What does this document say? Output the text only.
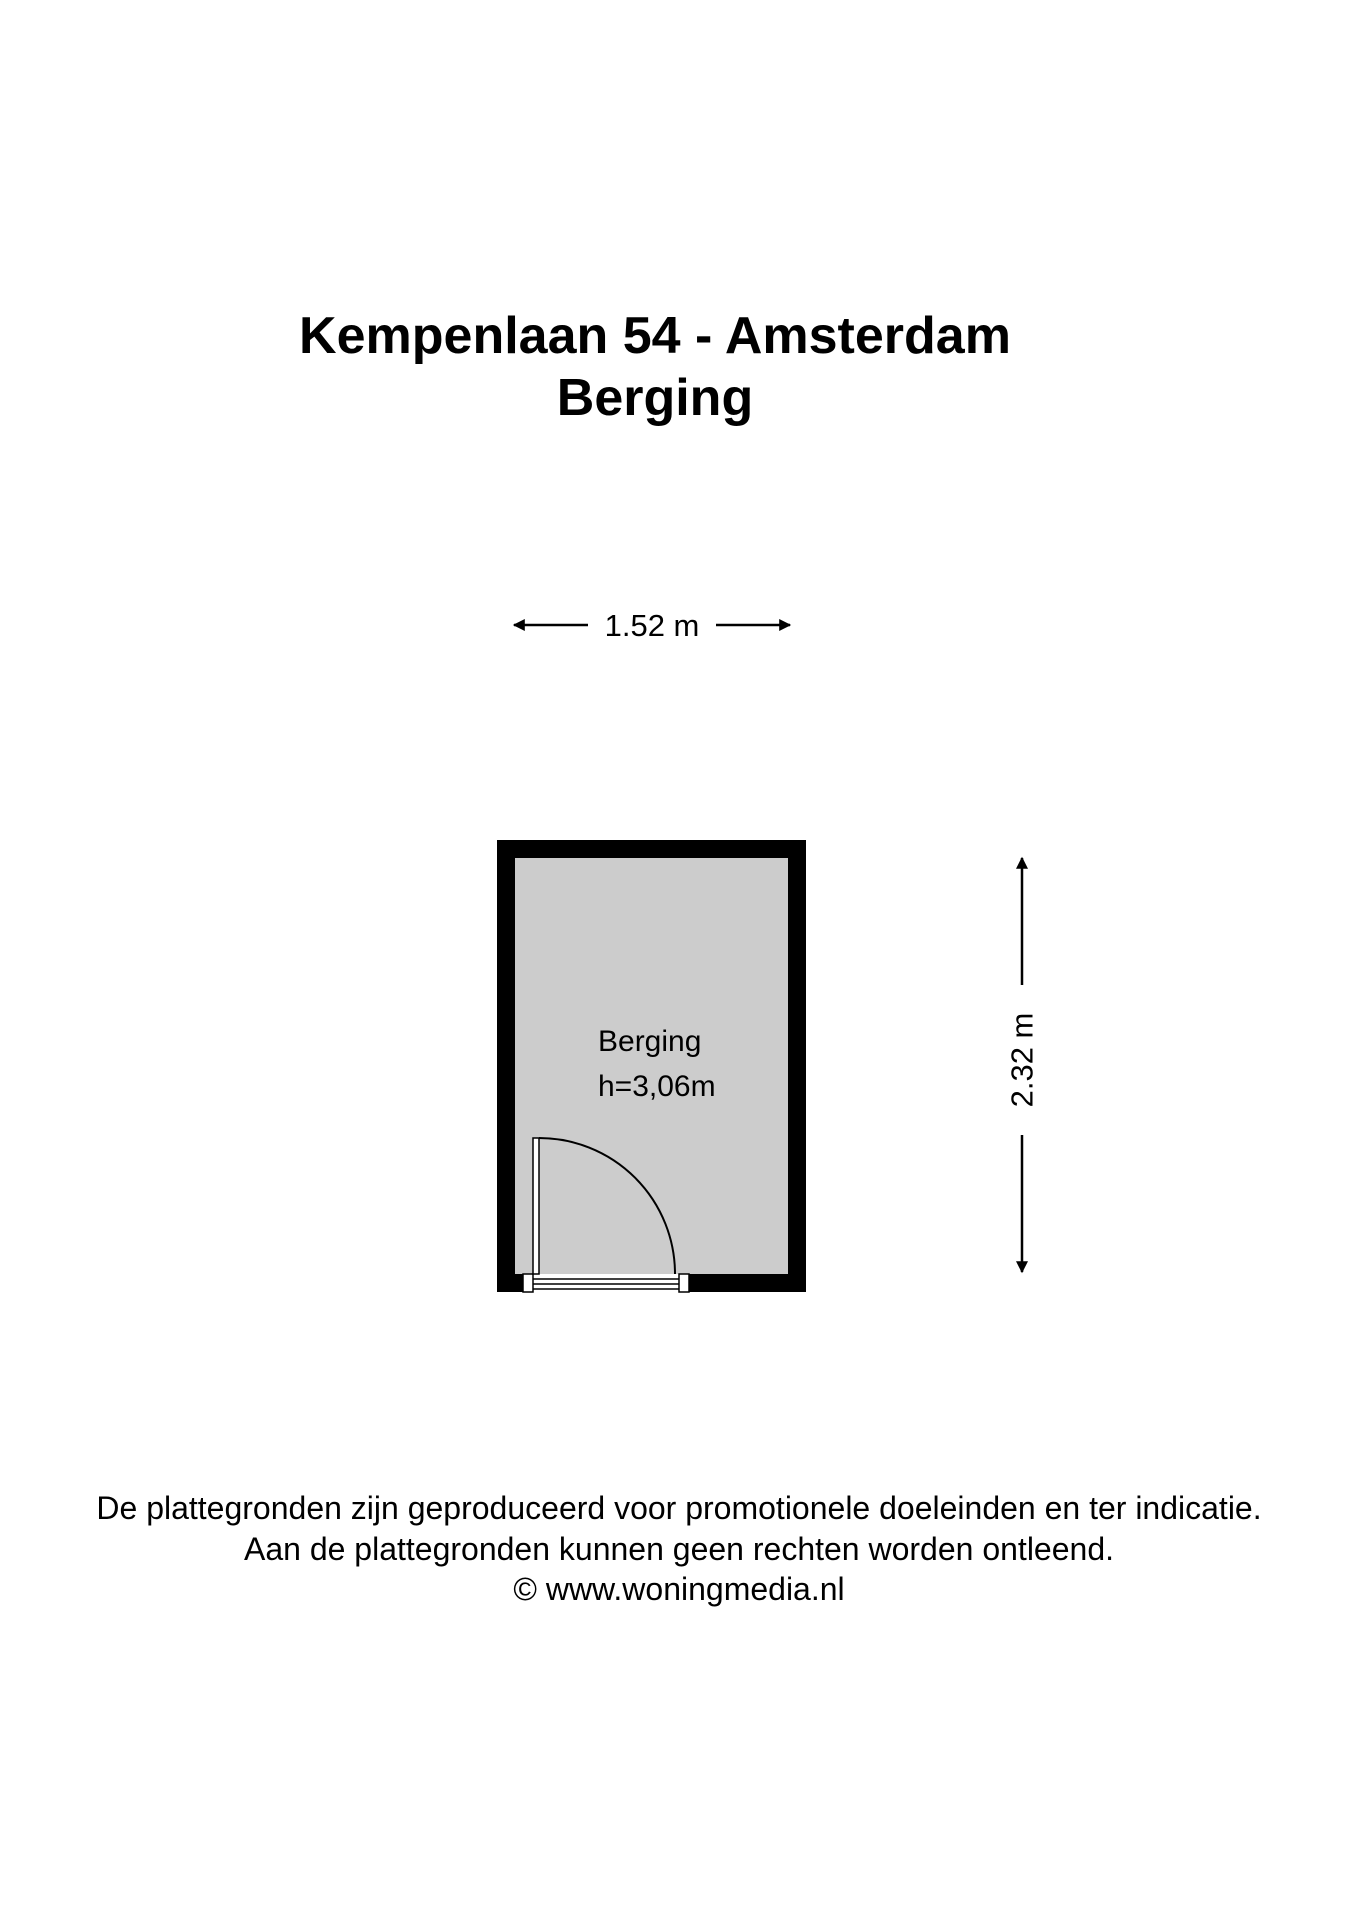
Kempenlaan 54 - Amsterdam
Berging
1.52 m
2.32 m
Berging
h=3,06m
De plattegronden zijn geproduceerd voor promotionele doeleinden en ter indicatie.
Aan de plattegronden kunnen geen rechten worden ontleend.
© www.woningmedia.nl
